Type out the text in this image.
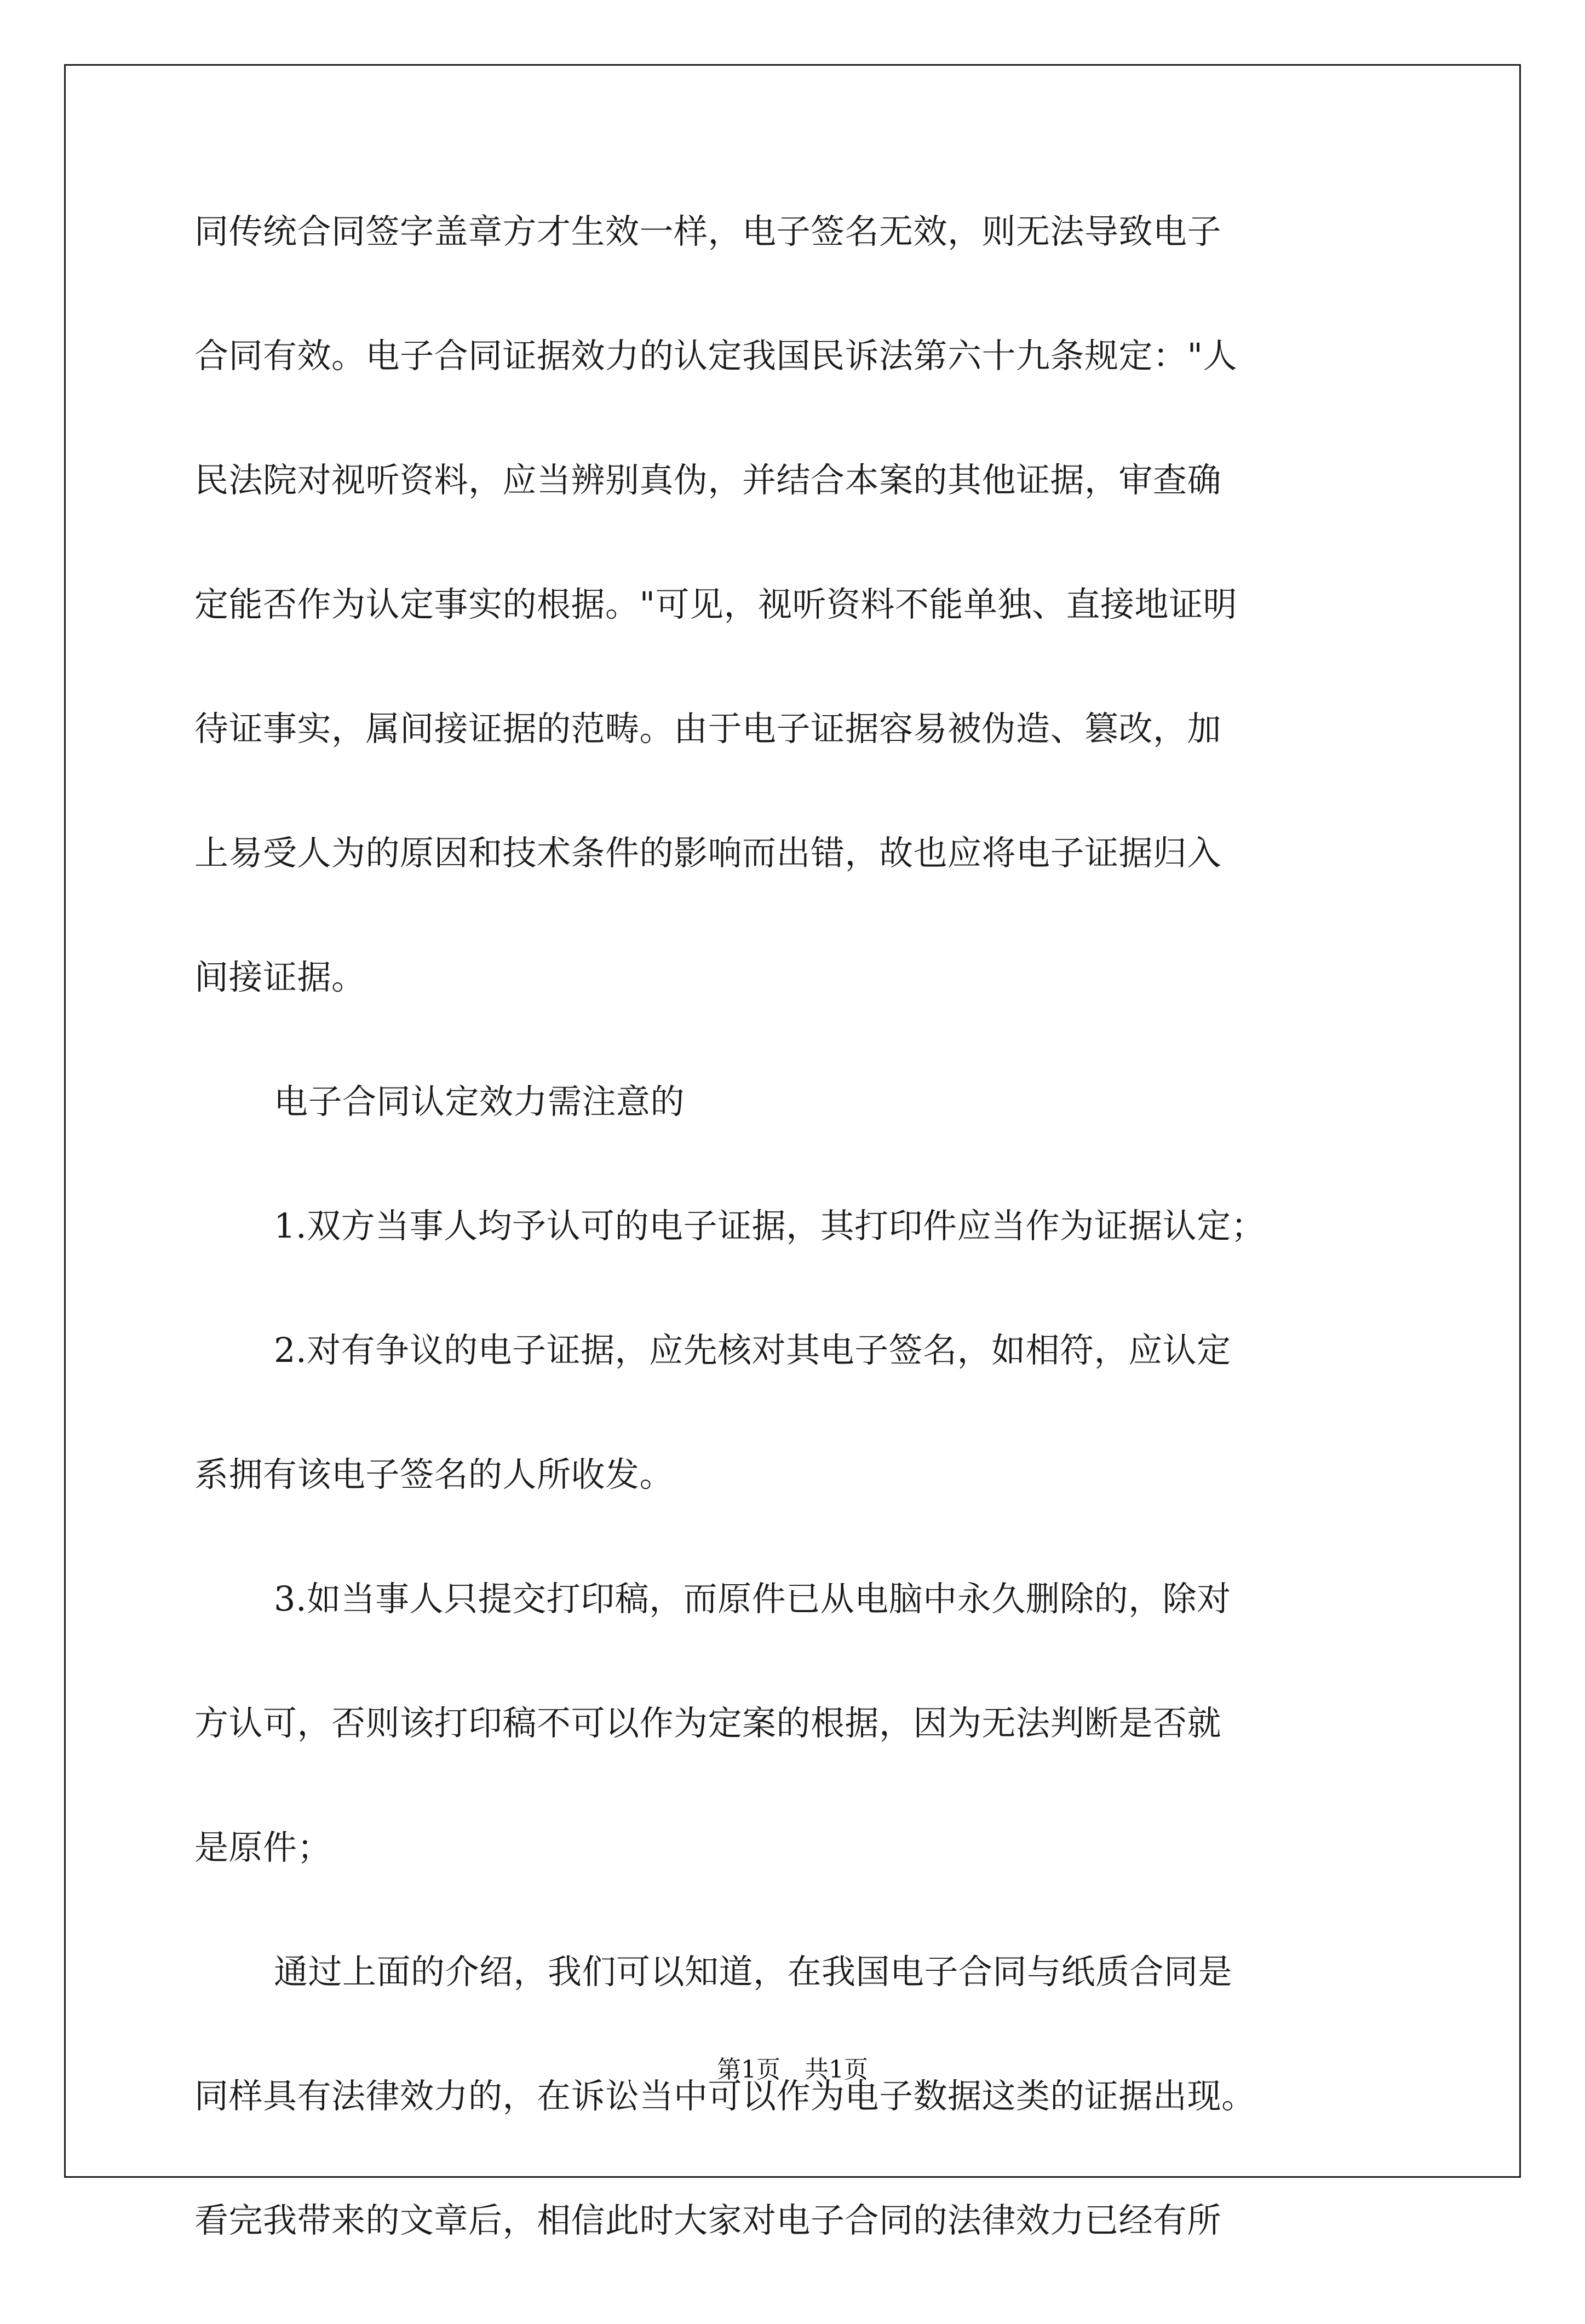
同传统合同签字盖章方才生效一样，电子签名无效，则无法导致电子
合同有效。电子合同证据效力的认定我国民诉法第六十九条规定："人
民法院对视听资料，应当辨别真伪，并结合本案的其他证据，审查确
定能否作为认定事实的根据。"可见，视听资料不能单独、直接地证明
待证事实，属间接证据的范畴。由于电子证据容易被伪造、篡改，加
上易受人为的原因和技术条件的影响而出错，故也应将电子证据归入
间接证据。
电子合同认定效力需注意的
1.双方当事人均予认可的电子证据，其打印件应当作为证据认定；
2.对有争议的电子证据，应先核对其电子签名，如相符，应认定
系拥有该电子签名的人所收发。
3.如当事人只提交打印稿，而原件已从电脑中永久删除的，除对
方认可，否则该打印稿不可以作为定案的根据，因为无法判断是否就
是原件；
通过上面的介绍，我们可以知道，在我国电子合同与纸质合同是
同样具有法律效力的，在诉讼当中可以作为电子数据这类的证据出现。
看完我带来的文章后，相信此时大家对电子合同的法律效力已经有所
第1页　共1页
